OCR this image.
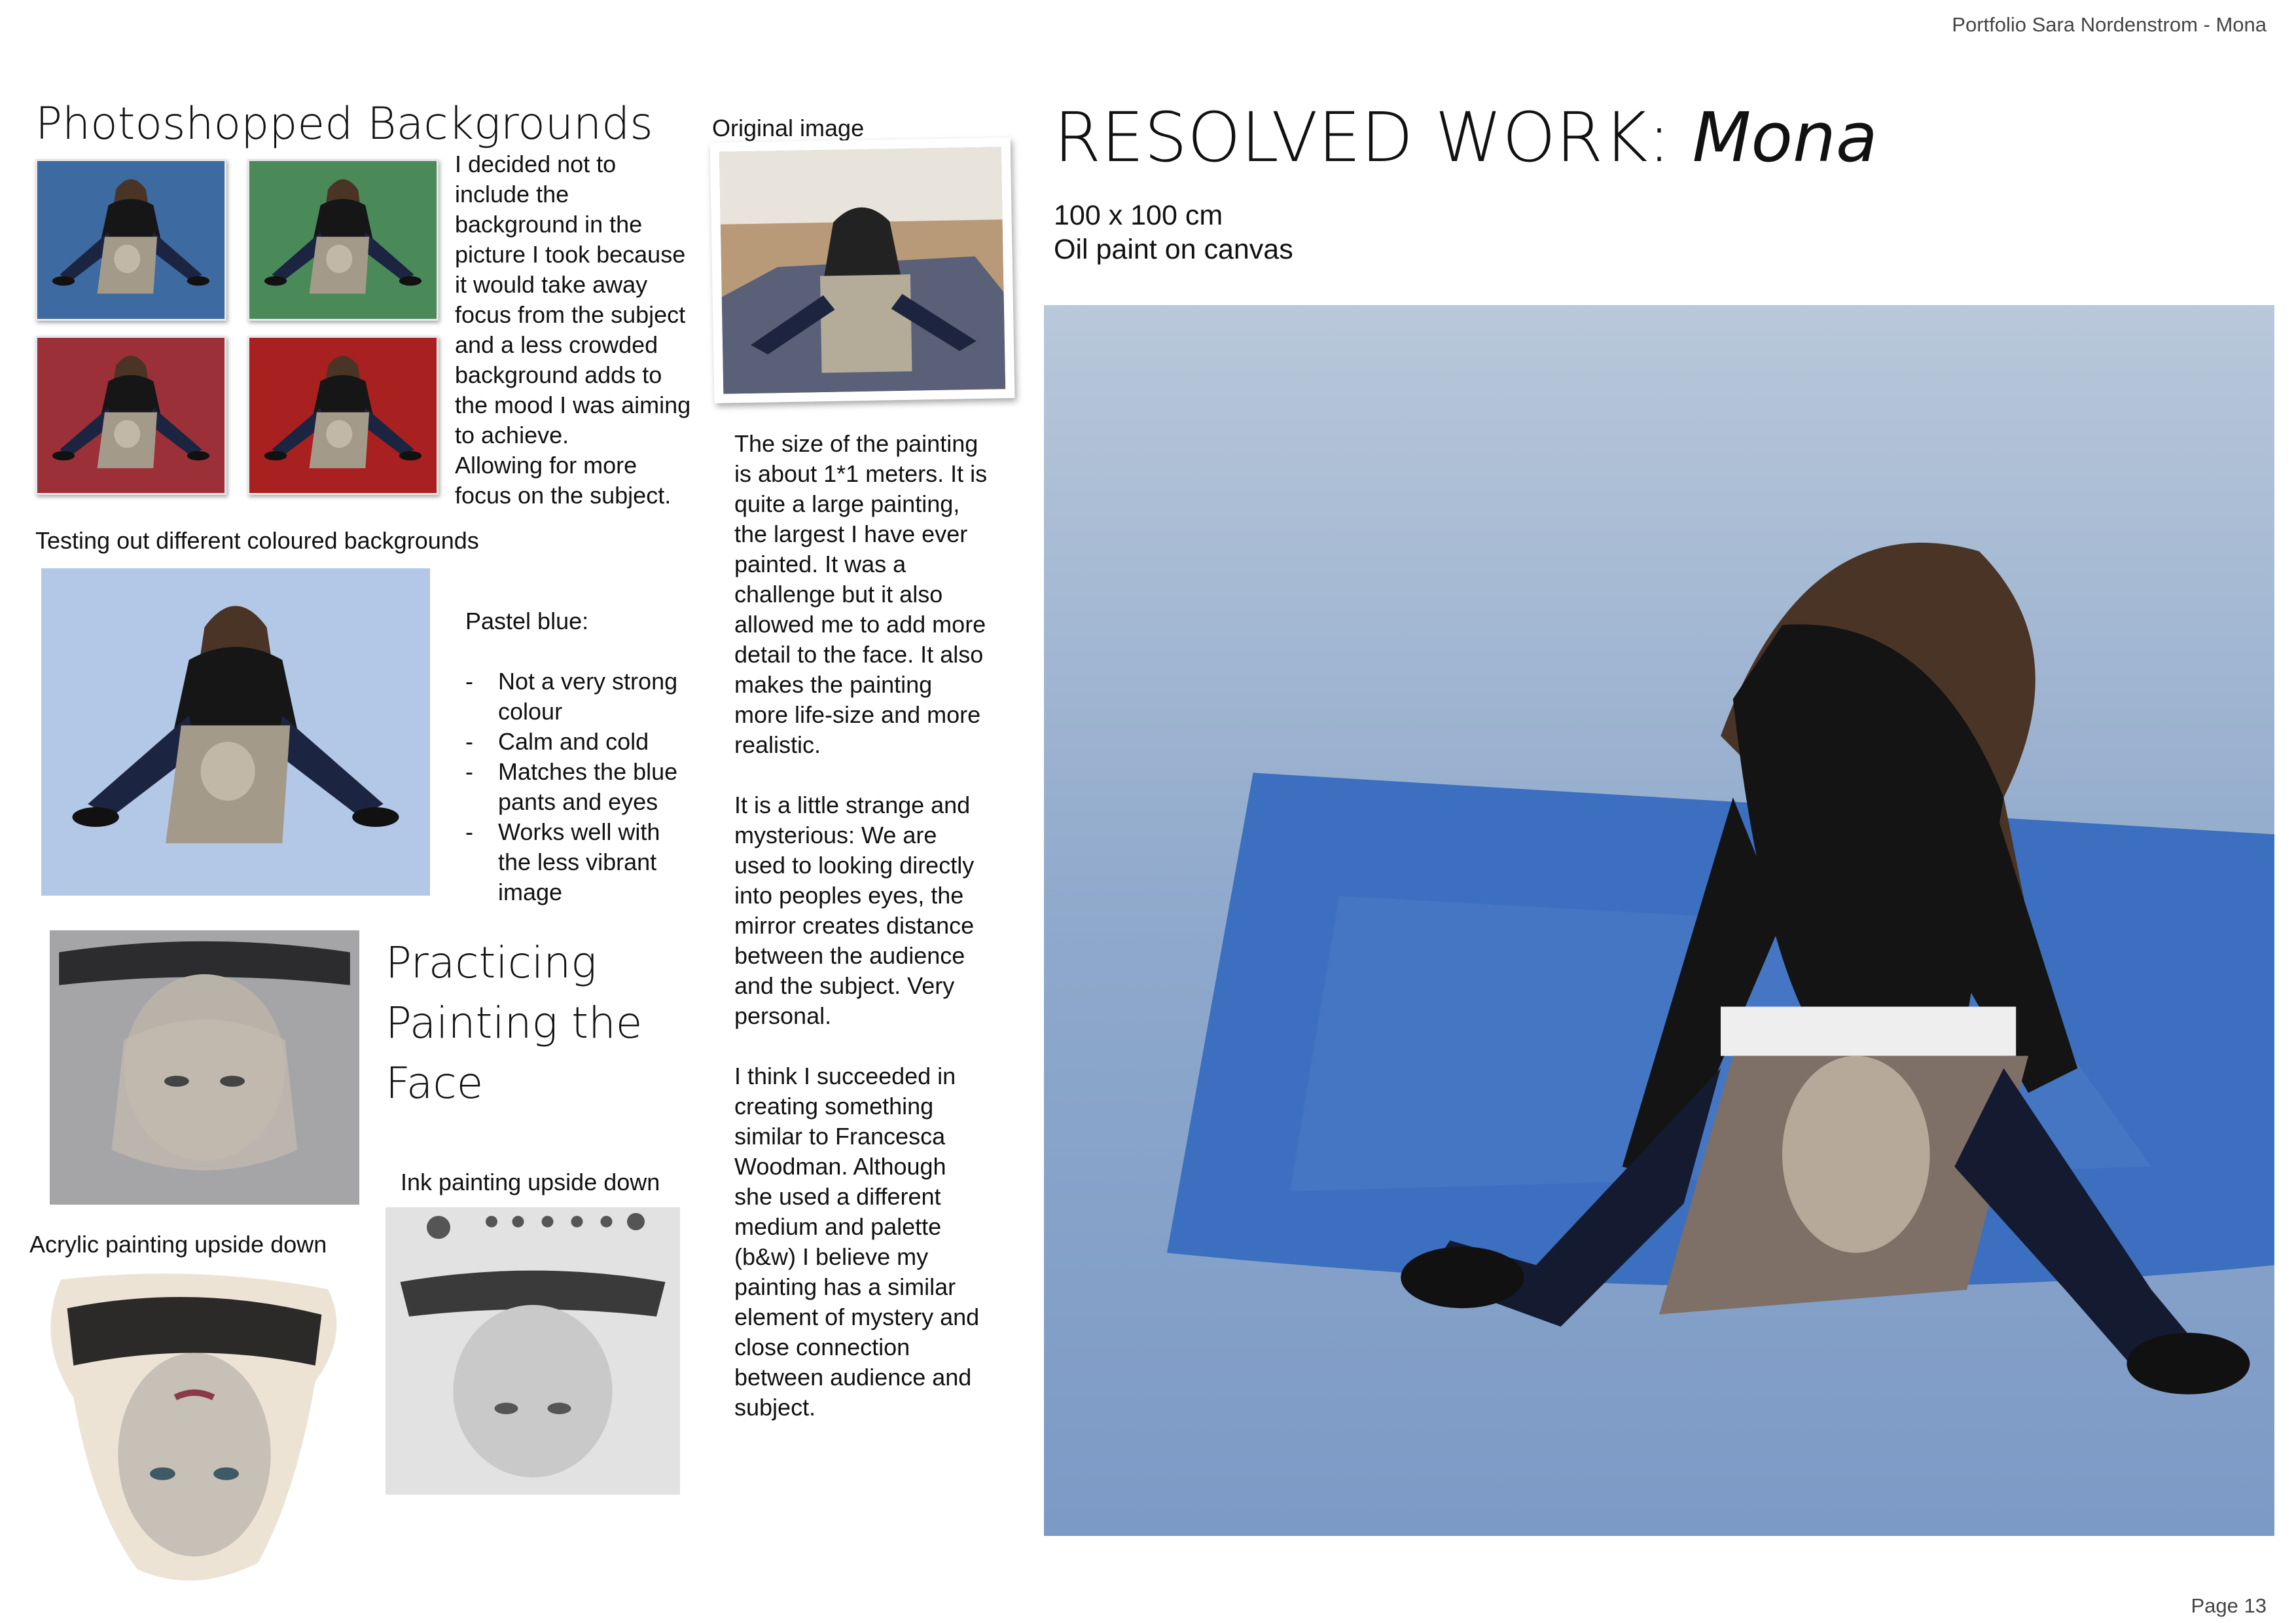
Portfolio Sara Nordenstrom - Mona
Photoshopped Backgrounds
I decided not to
include the
background in the
picture I took because
it would take away
focus from the subject
and a less crowded
background adds to
the mood I was aiming
to achieve.
Allowing for more
focus on the subject.
Testing out different coloured backgrounds

Pastel blue:

- Not a very strong
colour
- Calm and cold
- Matches the blue
pants and eyes
- Works well with
the less vibrant
image

Practicing
Painting the
Face
Ink painting upside down
Acrylic painting upside down
Original image
The size of the painting
is about 1*1 meters. It is
quite a large painting,
the largest I have ever
painted. It was a
challenge but it also
allowed me to add more
detail to the face. It also
makes the painting
more life-size and more
realistic.

It is a little strange and
mysterious: We are
used to looking directly
into peoples eyes, the
mirror creates distance
between the audience
and the subject. Very
personal.

I think I succeeded in
creating something
similar to Francesca
Woodman. Although
she used a different
medium and palette
(b&w) I believe my
painting has a similar
element of mystery and
close connection
between audience and
subject.
RESOLVED WORK: Mona
100 x 100 cm
Oil paint on canvas
Page 13
